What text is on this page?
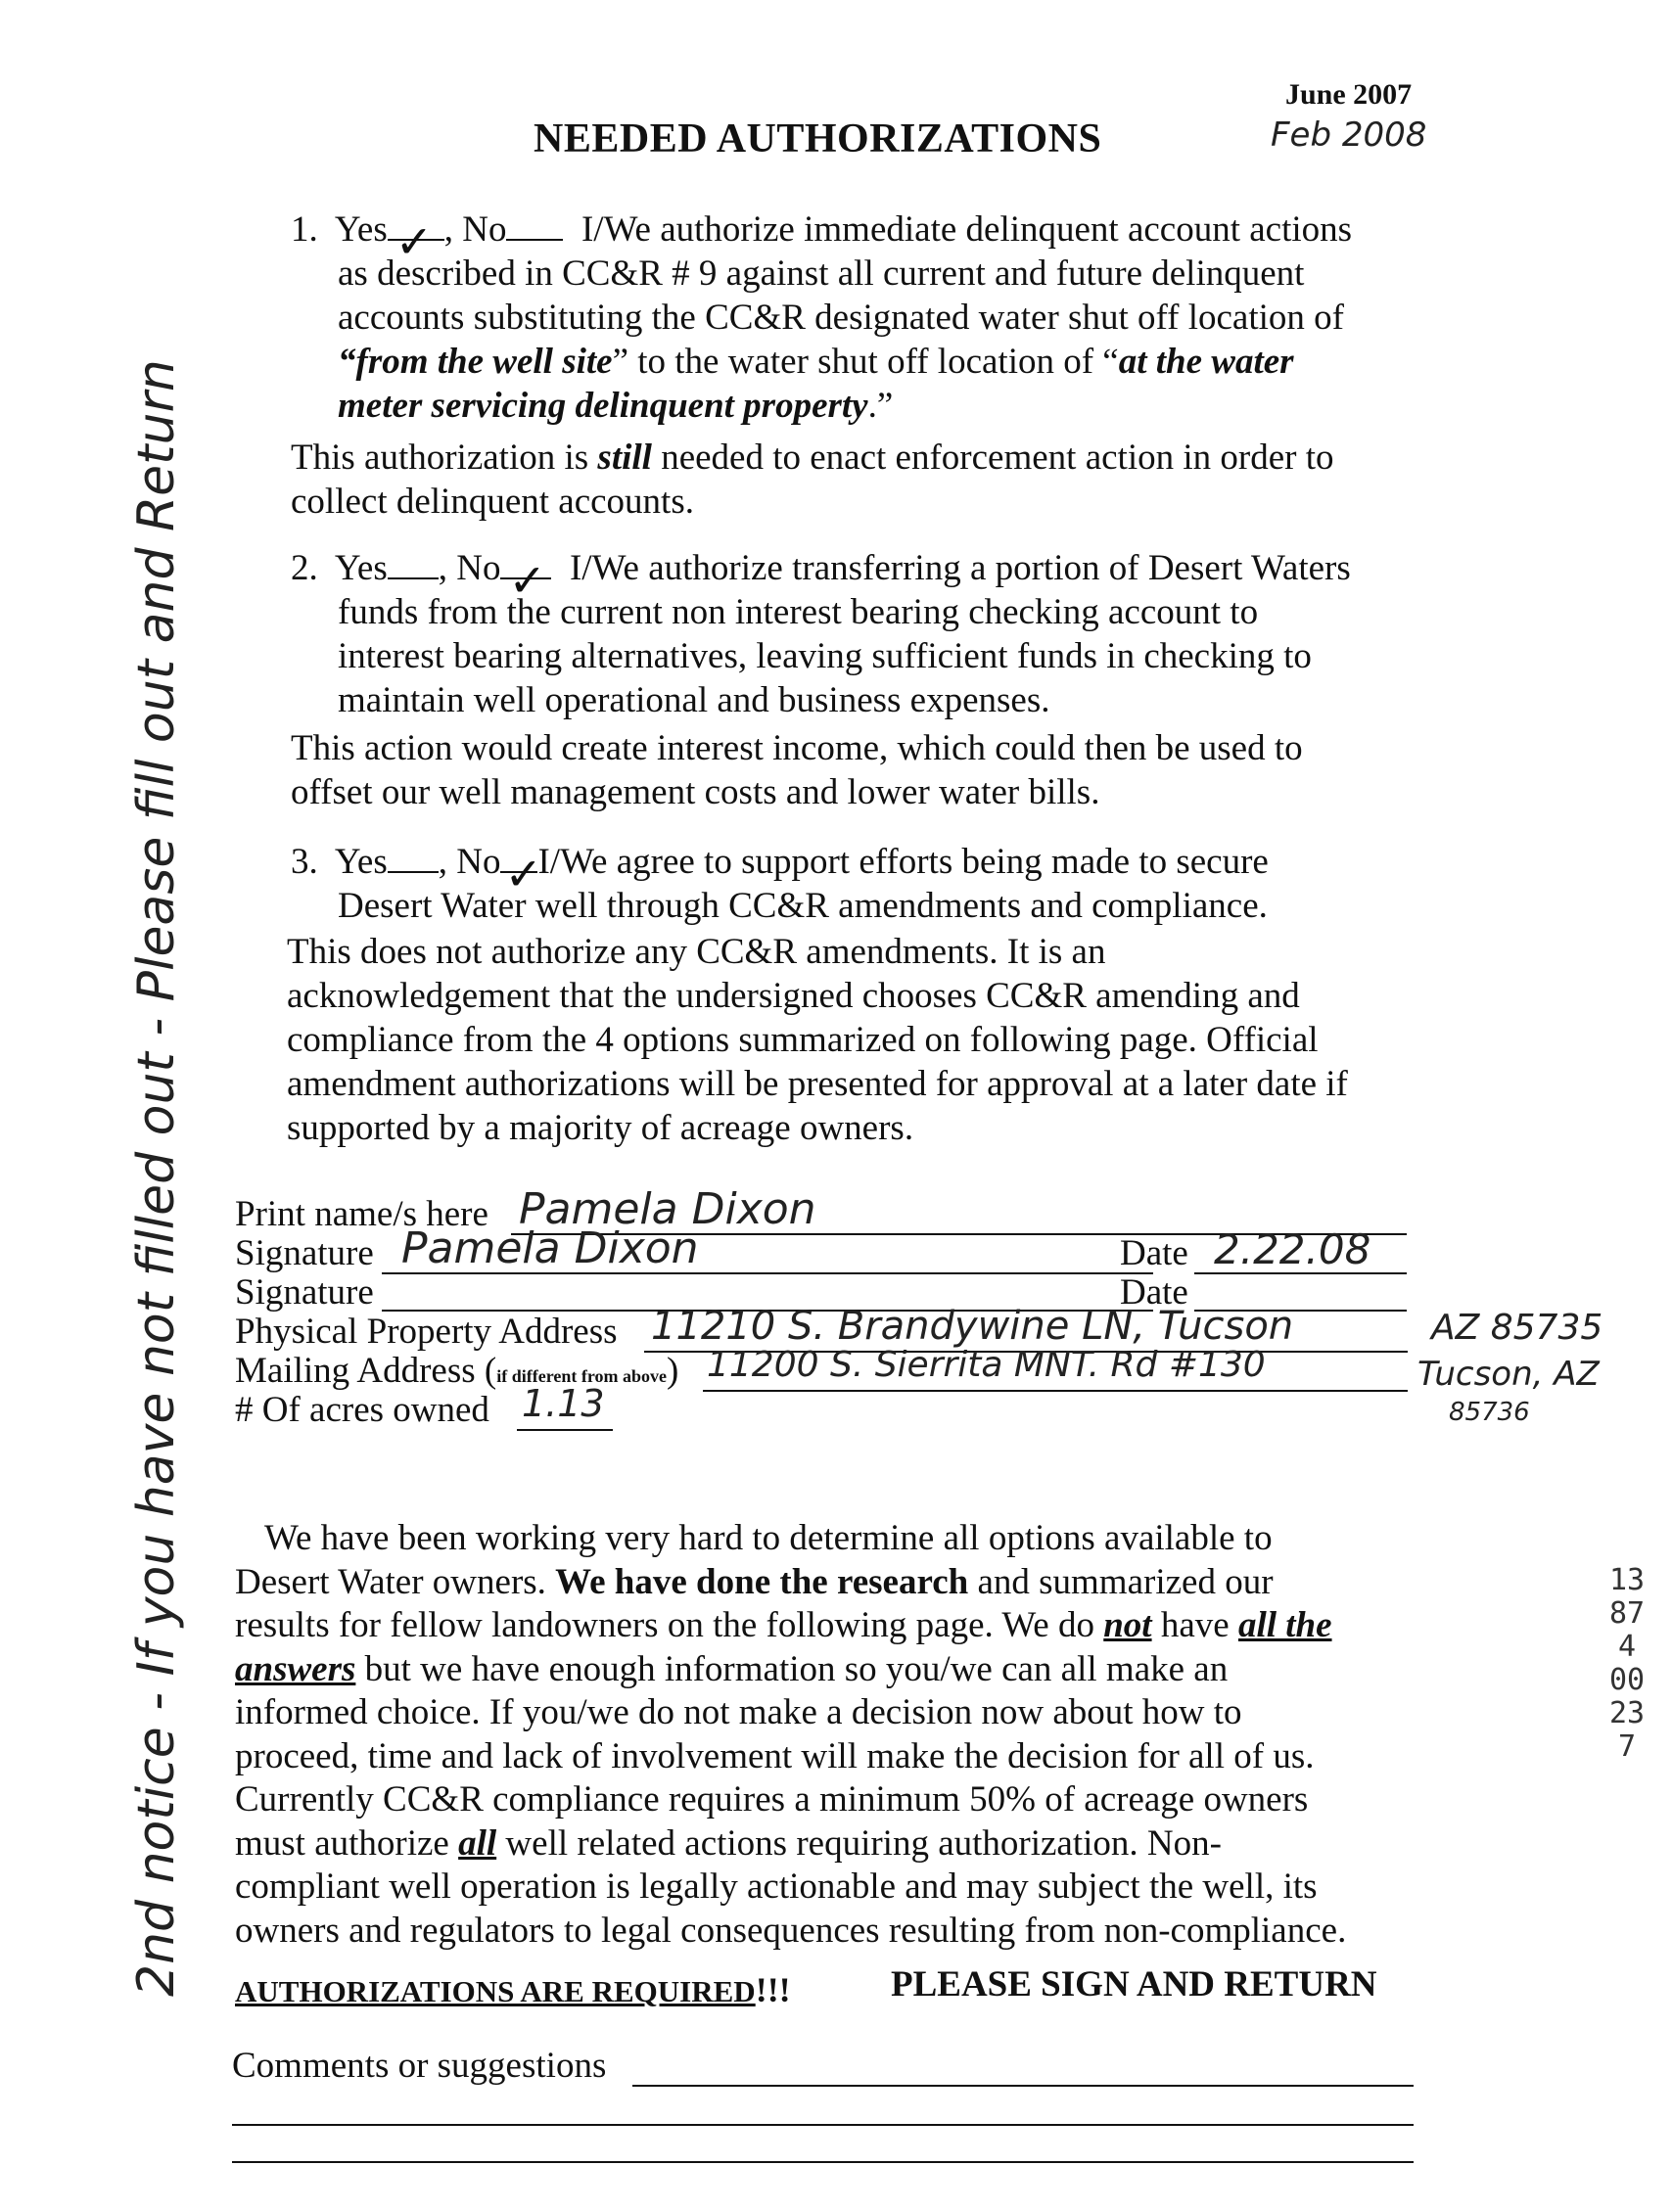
June 2007
Feb 2008
NEEDED AUTHORIZATIONS
2nd notice - If you have not filled out - Please fill out and Return
1. Yes ✓ , No I/We authorize immediate delinquent account actions
as described in CC&R # 9 against all current and future delinquent
accounts substituting the CC&R designated water shut off location of
“from the well site” to the water shut off location of “at the water
meter servicing delinquent property.”
This authorization is still needed to enact enforcement action in order to
collect delinquent accounts.
2. Yes , No ✓ I/We authorize transferring a portion of Desert Waters
funds from the current non interest bearing checking account to
interest bearing alternatives, leaving sufficient funds in checking to
maintain well operational and business expenses.
This action would create interest income, which could then be used to
offset our well management costs and lower water bills.
3. Yes , No ✓
I/We agree to support efforts being made to secure
Desert Water well through CC&R amendments and compliance.
This does not authorize any CC&R amendments. It is an
acknowledgement that the undersigned chooses CC&R amending and
compliance from the 4 options summarized on following page. Official
amendment authorizations will be presented for approval at a later date if
supported by a majority of acreage owners.
Print name/s here Pamela Dixon
Signature Pamela Dixon	Date 2.22.08
Signature	Date
Physical Property Address 11210 S. Brandywine LN, Tucson	AZ 85735
Mailing Address (if different from above) 11200 S. Sierrita MNT. Rd #130	Tucson, AZ
85736
# Of acres owned 1.13
We have been working very hard to determine all options available to
Desert Water owners. We have done the research and summarized our
results for fellow landowners on the following page. We do not have all the
answers but we have enough information so you/we can all make an
informed choice. If you/we do not make a decision now about how to
proceed, time and lack of involvement will make the decision for all of us.
Currently CC&R compliance requires a minimum 50% of acreage owners
must authorize all well related actions requiring authorization. Non-
compliant well operation is legally actionable and may subject the well, its
owners and regulators to legal consequences resulting from non-compliance.
AUTHORIZATIONS ARE REQUIRED!!!	PLEASE SIGN AND RETURN
Comments or suggestions
13874
00237
